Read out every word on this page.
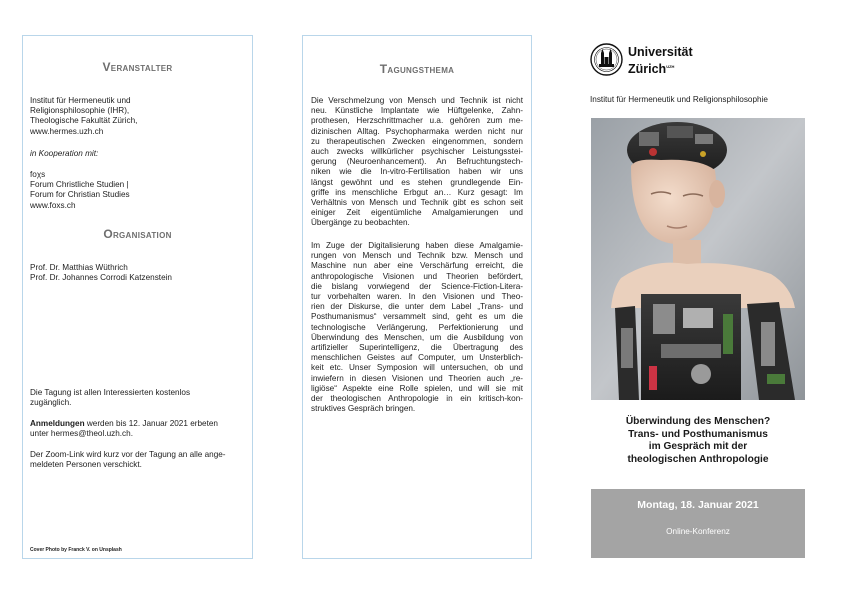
Veranstalter
Institut für Hermeneutik und
Religionsphilosophie (IHR),
Theologische Fakultät Zürich,
www.hermes.uzh.ch
in Kooperation mit:
foχs
Forum Christliche Studien |
Forum for Christian Studies
www.foxs.ch
Organisation
Prof. Dr. Matthias Wüthrich
Prof. Dr. Johannes Corrodi Katzenstein
Die Tagung ist allen Interessierten kostenlos
zugänglich.
Anmeldungen werden bis 12. Januar 2021 erbeten
unter hermes@theol.uzh.ch.
Der Zoom-Link wird kurz vor der Tagung an alle ange-
meldeten Personen verschickt.
Cover Photo by Franck V. on Unsplash
Tagungsthema
Die Verschmelzung von Mensch und Technik ist nicht
neu. Künstliche Implantate wie Hüftgelenke, Zahn-
prothesen, Herzschrittmacher u.a. gehören zum me-
dizinischen Alltag. Psychopharmaka werden nicht nur
zu therapeutischen Zwecken eingenommen, sondern
auch zwecks willkürlicher psychischer Leistungsstei-
gerung (Neuroenhancement). An Befruchtungstech-
niken wie die In-vitro-Fertilisation haben wir uns
längst gewöhnt und es stehen grundlegende Ein-
griffe ins menschliche Erbgut an… Kurz gesagt: Im
Verhältnis von Mensch und Technik gibt es schon seit
einiger Zeit eigentümliche Amalgamierungen und
Übergänge zu beobachten.
Im Zuge der Digitalisierung haben diese Amalgamie-
rungen von Mensch und Technik bzw. Mensch und
Maschine nun aber eine Verschärfung erreicht, die
anthropologische Visionen und Theorien befördert,
die bislang vorwiegend der Science-Fiction-Litera-
tur vorbehalten waren. In den Visionen und Theo-
rien der Diskurse, die unter dem Label „Trans- und
Posthumanismus“ versammelt sind, geht es um die
technologische Verlängerung, Perfektionierung und
Überwindung des Menschen, um die Ausbildung von
artifizieller Superintelligenz, die Übertragung des
menschlichen Geistes auf Computer, um Unsterblich-
keit etc. Unser Symposion will untersuchen, ob und
inwiefern in diesen Visionen und Theorien auch „re-
ligiöse“ Aspekte eine Rolle spielen, und will sie mit
der theologischen Anthropologie in ein kritisch-kon-
struktives Gespräch bringen.
Universität
Zürich$^{UZH}$
Institut für Hermeneutik und Religionsphilosophie
Überwindung des Menschen?
Trans- und Posthumanismus
im Gespräch mit der
theologischen Anthropologie
Montag, 18. Januar 2021
Online-Konferenz
